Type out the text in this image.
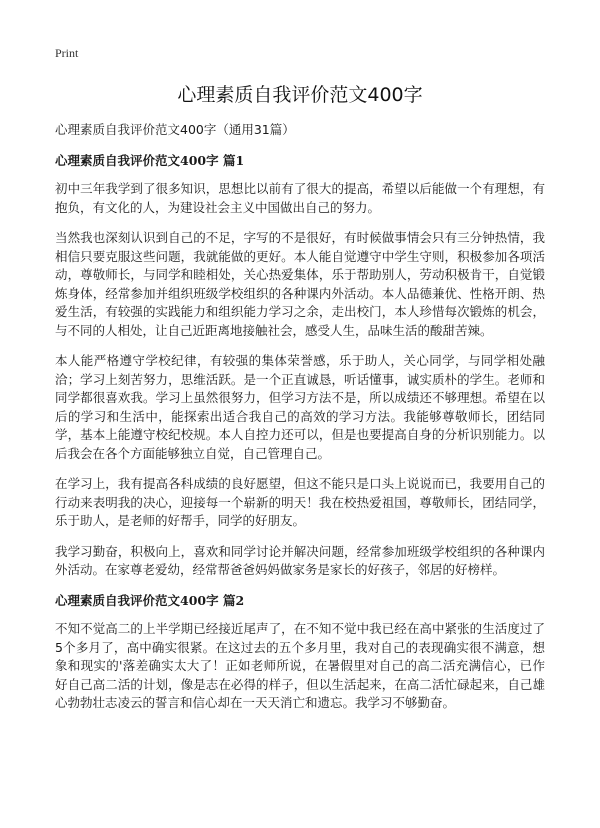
Print
心理素质自我评价范文400字

心理素质自我评价范文400字（通用31篇）

心理素质自我评价范文400字 篇1

初中三年我学到了很多知识，思想比以前有了很大的提高，希望以后能做一个有理想，有抱负，有文化的人，为建设社会主义中国做出自己的努力。

当然我也深刻认识到自己的不足，字写的不是很好，有时候做事情会只有三分钟热情，我相信只要克服这些问题，我就能做的更好。本人能自觉遵守中学生守则，积极参加各项活动，尊敬师长，与同学和睦相处，关心热爱集体，乐于帮助别人，劳动积极肯干，自觉锻炼身体，经常参加并组织班级学校组织的各种课内外活动。本人品德兼优、性格开朗、热爱生活，有较强的实践能力和组织能力学习之余，走出校门，本人珍惜每次锻炼的机会，与不同的人相处，让自己近距离地接触社会，感受人生，品味生活的酸甜苦辣。

本人能严格遵守学校纪律，有较强的集体荣誉感，乐于助人，关心同学，与同学相处融洽；学习上刻苦努力，思维活跃。是一个正直诚恳，听话懂事，诚实质朴的学生。老师和同学都很喜欢我。学习上虽然很努力，但学习方法不是，所以成绩还不够理想。希望在以后的学习和生活中，能探索出适合我自己的高效的学习方法。我能够尊敬师长，团结同学，基本上能遵守校纪校规。本人自控力还可以，但是也要提高自身的分析识别能力。以后我会在各个方面能够独立自觉，自己管理自己。

在学习上，我有提高各科成绩的良好愿望，但这不能只是口头上说说而已，我要用自己的行动来表明我的决心，迎接每一个崭新的明天！我在校热爱祖国，尊敬师长，团结同学，乐于助人，是老师的好帮手，同学的好朋友。

我学习勤奋，积极向上，喜欢和同学讨论并解决问题，经常参加班级学校组织的各种课内外活动。在家尊老爱幼，经常帮爸爸妈妈做家务是家长的好孩子，邻居的好榜样。

心理素质自我评价范文400字 篇2

不知不觉高二的上半学期已经接近尾声了，在不知不觉中我已经在高中紧张的生活度过了5个多月了，高中确实很紧。在这过去的五个多月里，我对自己的表现确实很不满意，想象和现实的'落差确实太大了！正如老师所说，在暑假里对自己的高二活充满信心，已作好自己高二活的计划，像是志在必得的样子，但以生活起来，在高二活忙碌起来，自己雄心勃勃壮志凌云的誓言和信心却在一天天消亡和遗忘。我学习不够勤奋。
